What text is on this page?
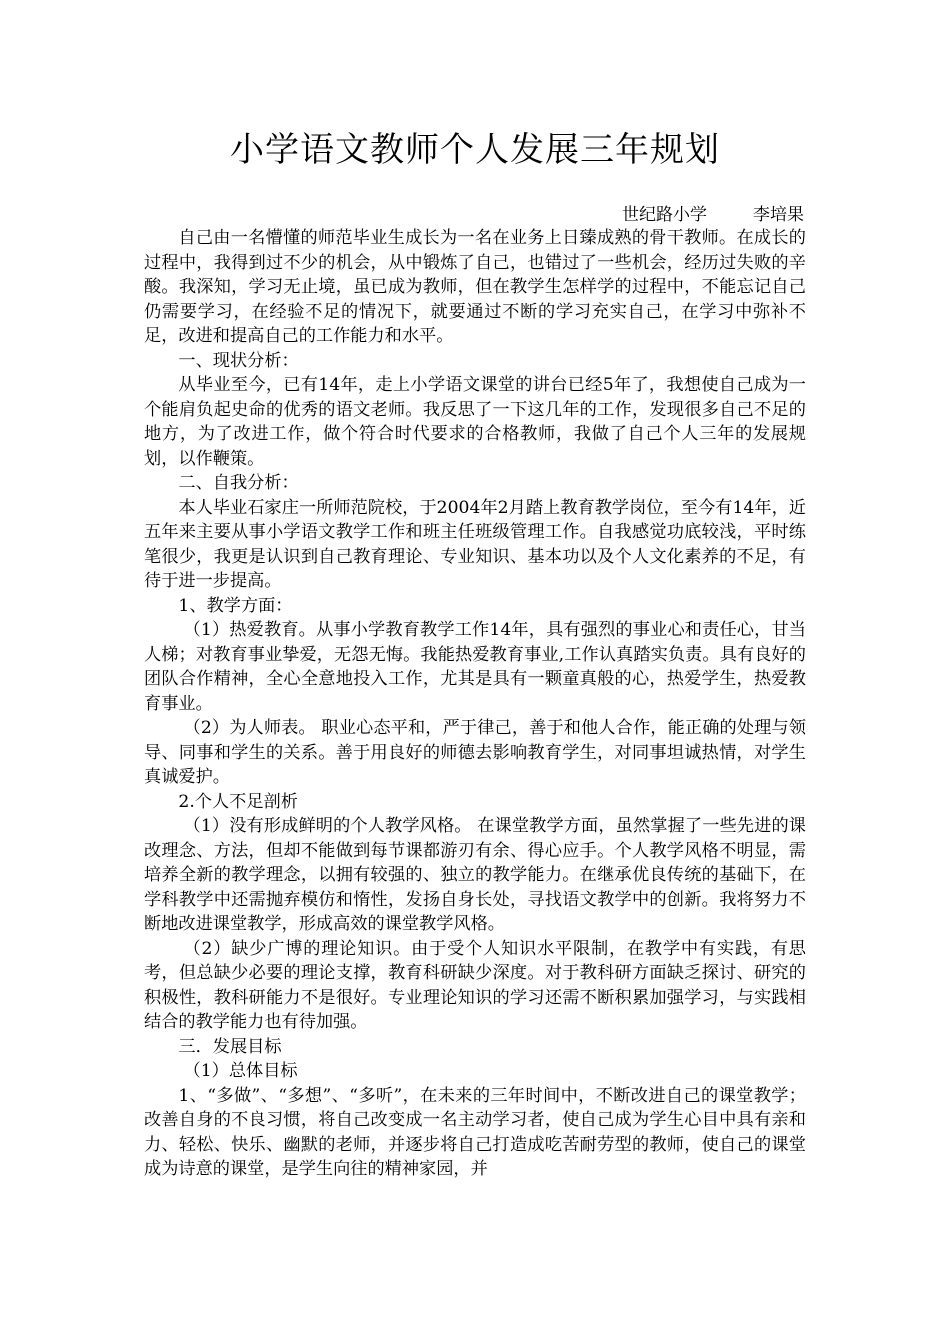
小学语文教师个人发展三年规划
世纪路小学	李培果

自己由一名懵懂的师范毕业生成长为一名在业务上日臻成熟的骨干教师。在成长的过程中，我得到过不少的机会，从中锻炼了自己，也错过了一些机会，经历过失败的辛酸。我深知，学习无止境，虽已成为教师，但在教学生怎样学的过程中，不能忘记自己仍需要学习，在经验不足的情况下，就要通过不断的学习充实自己，在学习中弥补不足，改进和提高自己的工作能力和水平。

一、现状分析：

从毕业至今，已有14年，走上小学语文课堂的讲台已经5年了，我想使自己成为一个能肩负起史命的优秀的语文老师。我反思了一下这几年的工作，发现很多自己不足的地方，为了改进工作，做个符合时代要求的合格教师，我做了自己个人三年的发展规划，以作鞭策。

二、自我分析：

本人毕业石家庄一所师范院校，于2004年2月踏上教育教学岗位，至今有14年，近五年来主要从事小学语文教学工作和班主任班级管理工作。自我感觉功底较浅，平时练笔很少，我更是认识到自己教育理论、专业知识、基本功以及个人文化素养的不足，有待于进一步提高。

1、教学方面：

（1）热爱教育。从事小学教育教学工作14年，具有强烈的事业心和责任心，甘当人梯；对教育事业挚爱，无怨无悔。我能热爱教育事业,工作认真踏实负责。具有良好的团队合作精神，全心全意地投入工作，尤其是具有一颗童真般的心，热爱学生，热爱教育事业。

（2）为人师表。 职业心态平和，严于律己，善于和他人合作，能正确的处理与领导、同事和学生的关系。善于用良好的师德去影响教育学生，对同事坦诚热情，对学生真诚爱护。

2.个人不足剖析

（1）没有形成鲜明的个人教学风格。 在课堂教学方面，虽然掌握了一些先进的课改理念、方法，但却不能做到每节课都游刃有余、得心应手。个人教学风格不明显，需培养全新的教学理念，以拥有较强的、独立的教学能力。在继承优良传统的基础下，在学科教学中还需抛弃模仿和惰性，发扬自身长处，寻找语文教学中的创新。我将努力不断地改进课堂教学，形成高效的课堂教学风格。

（2）缺少广博的理论知识。由于受个人知识水平限制，在教学中有实践，有思考，但总缺少必要的理论支撑，教育科研缺少深度。对于教科研方面缺乏探讨、研究的积极性，教科研能力不是很好。专业理论知识的学习还需不断积累加强学习，与实践相结合的教学能力也有待加强。

三．发展目标

（1）总体目标

1、“多做”、“多想”、“多听”，在未来的三年时间中，不断改进自己的课堂教学；改善自身的不良习惯，将自己改变成一名主动学习者，使自己成为学生心目中具有亲和力、轻松、快乐、幽默的老师，并逐步将自己打造成吃苦耐劳型的教师，使自己的课堂成为诗意的课堂，是学生向往的精神家园，并
